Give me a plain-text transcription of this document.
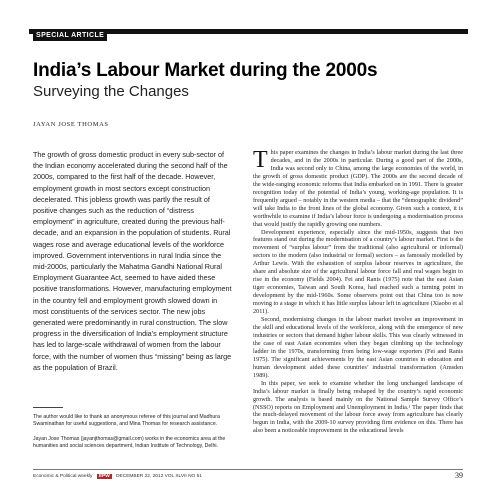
SPECIAL ARTICLE
India’s Labour Market during the 2000s
Surveying the Changes
JAYAN JOSE THOMAS
The growth of gross domestic product in every sub-sector of the Indian economy accelerated during the second half of the 2000s, compared to the first half of the decade. However, employment growth in most sectors except construction decelerated. This jobless growth was partly the result of positive changes such as the reduction of “distress employment” in agriculture, created during the previous half-decade, and an expansion in the population of students. Rural wages rose and average educational levels of the workforce improved. Government interventions in rural India since the mid-2000s, particularly the Mahatma Gandhi National Rural Employment Guarantee Act, seemed to have aided these positive transformations. However, manufacturing employment in the country fell and employment growth slowed down in most constituents of the services sector. The new jobs generated were predominantly in rural construction. The slow progress in the diversification of India’s employment structure has led to large-scale withdrawal of women from the labour force, with the number of women thus “missing” being as large as the population of Brazil.

The author would like to thank an anonymous referee of this journal and Madhura Swaminathan for useful suggestions, and Mina Thomas for research assistance.

Jayan Jose Thomas (jayanjthomas@gmail.com) works in the economics area at the humanities and social sciences department, Indian Institute of Technology, Delhi.

This paper examines the changes in India’s labour market during the last three decades, and in the 2000s in particular. During a good part of the 2000s, India was second only to China, among the large economies of the world, in the growth of gross domestic product (GDP). The 2000s are the second decade of the wide-ranging economic reforms that India embarked on in 1991. There is greater recognition today of the potential of India’s young, working-age population. It is frequently argued – notably in the western media – that the “demographic dividend” will take India to the front lines of the global economy. Given such a context, it is worthwhile to examine if India’s labour force is undergoing a modernisation process that would justify the rapidly growing one numbers.

Development experience, especially since the mid-1950s, suggests that two features stand out during the modernisation of a country’s labour market. First is the movement of “surplus labour” from the traditional (also agricultural or informal) sectors to the modern (also industrial or formal) sectors – as famously modelled by Arthur Lewis. With the exhaustion of surplus labour reserves in agriculture, the share and absolute size of the agricultural labour force fall and real wages begin to rise in the economy (Fields 2004). Fei and Ranis (1975) note that the east Asian tiger economies, Taiwan and South Korea, had reached such a turning point in development by the mid-1960s. Some observers point out that China too is now moving to a stage in which it has little surplus labour left in agriculture (Xiaobo et al 2011).

Second, modernising changes in the labour market involve an improvement in the skill and educational levels of the workforce, along with the emergence of new industries or sectors that demand higher labour skills. This was clearly witnessed in the case of east Asian economies when they began climbing up the technology ladder in the 1970s, transforming from being low-wage exporters (Fei and Ranis 1975). The significant achievements by the east Asian countries in education and human development aided these countries’ industrial transformation (Amsden 1989).

In this paper, we seek to examine whether the long unchanged landscape of India’s labour market is finally being reshaped by the country’s rapid economic growth. The analysis is based mainly on the National Sample Survey Office’s (NSSO) reports on Employment and Unemployment in India.¹ The paper finds that the much-delayed movement of the labour force away from agriculture has clearly begun in India, with the 2009-10 survey providing firm evidence on this. There has also been a noticeable improvement in the educational levels

Economic & Political weekly EPW DECEMBER 22, 2012 VOL XLVII NO 51	39
